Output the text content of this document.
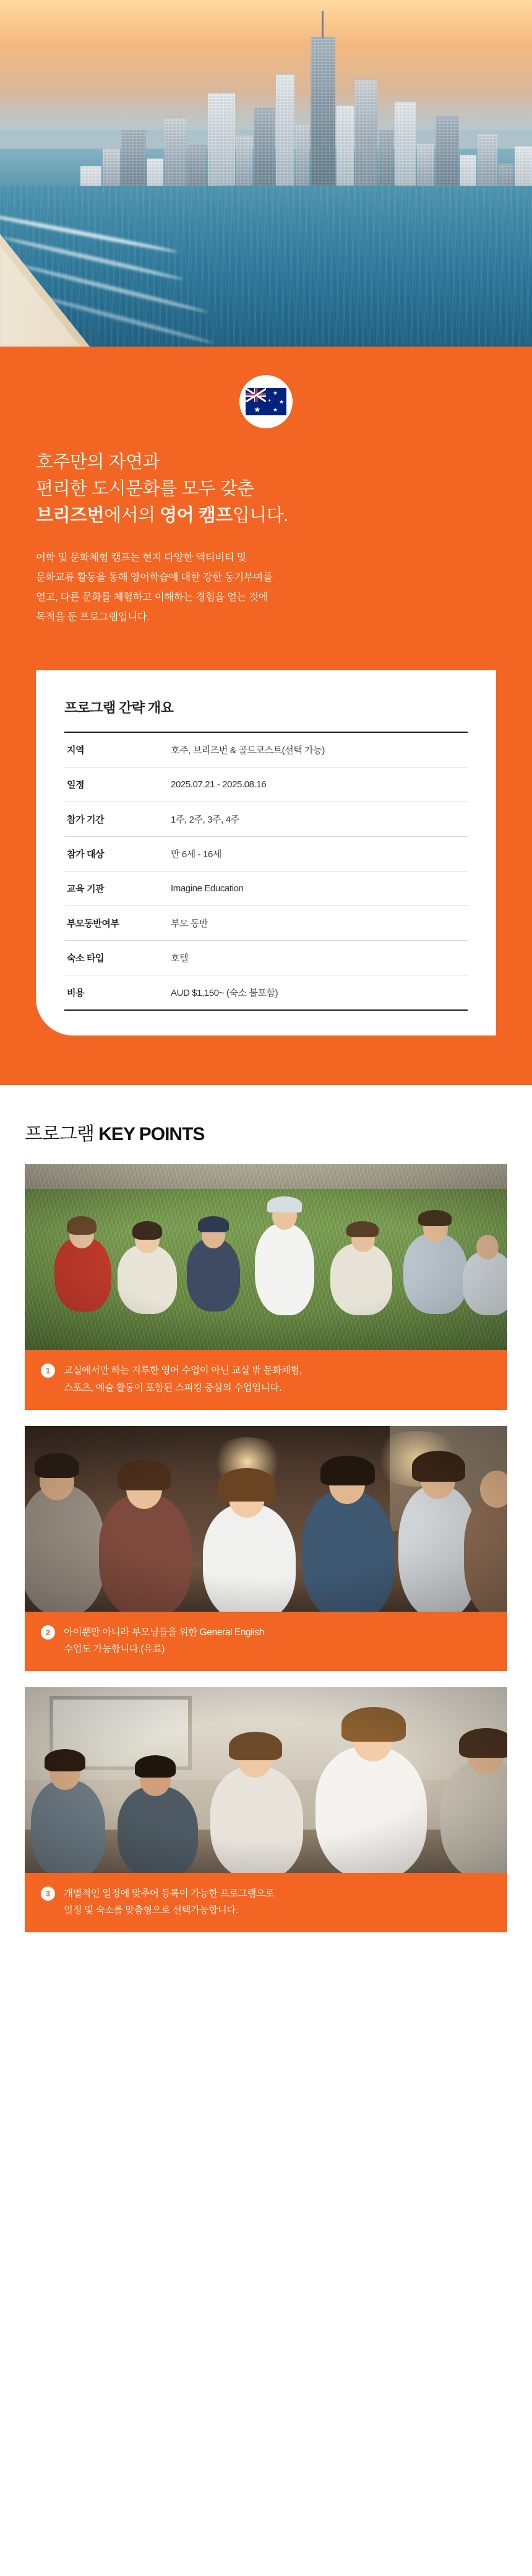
★
★
★
★
★
호주만의 자연과
편리한 도시문화를 모두 갖춘
브리즈번에서의 영어 캠프입니다.
어학 및 문화체험 캠프는 현지 다양한 액티비티 및
문화교류 활동을 통해 영어학습에 대한 강한 동기부여를
얻고, 다른 문화를 체험하고 이해하는 경험을 얻는 것에
목적을 둔 프로그램입니다.
프로그램 간략 개요
지역	호주, 브리즈번 & 골드코스트(선택 가능)
일정	2025.07.21 - 2025.08.16
참가 기간	1주, 2주, 3주, 4주
참가 대상	만 6세 - 16세
교육 기관	Imagine Education
부모동반여부	부모 동반
숙소 타입	호텔
비용	AUD $1,150~ (숙소 불포함)
프로그램 KEY POINTS
1	교실에서만 하는 지루한 영어 수업이 아닌 교실 밖 문화체험,
스포츠, 예술 활동이 포함된 스피킹 중심의 수업입니다.
2	아이뿐만 아니라 부모님들을 위한 General English
수업도 가능합니다.(유료)
3	개별적인 일정에 맞추어 등록이 가능한 프로그램으로
일정 및 숙소를 맞춤형으로 선택가능합니다.
